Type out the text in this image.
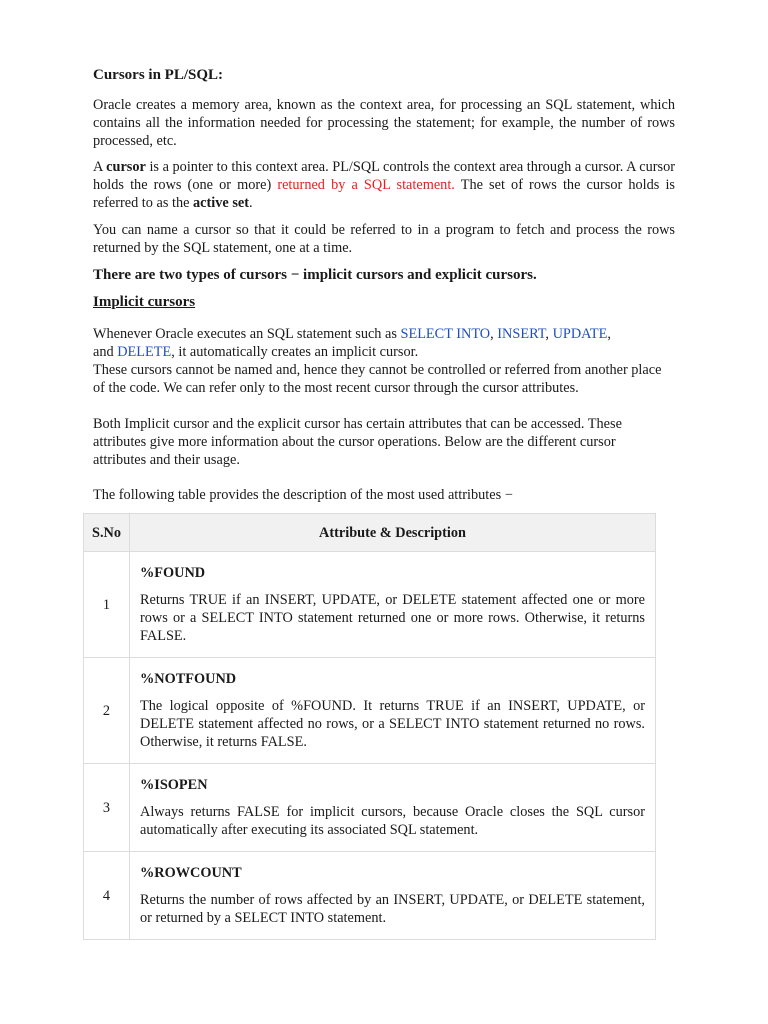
Cursors in PL/SQL:

Oracle creates a memory area, known as the context area, for processing an SQL statement, which contains all the information needed for processing the statement; for example, the number of rows processed, etc.

A cursor is a pointer to this context area. PL/SQL controls the context area through a cursor. A cursor holds the rows (one or more) returned by a SQL statement. The set of rows the cursor holds is referred to as the active set.

You can name a cursor so that it could be referred to in a program to fetch and process the rows returned by the SQL statement, one at a time.

There are two types of cursors − implicit cursors and explicit cursors.

Implicit cursors

Whenever Oracle executes an SQL statement such as SELECT INTO, INSERT, UPDATE,
and DELETE, it automatically creates an implicit cursor.
These cursors cannot be named and, hence they cannot be controlled or referred from another place of the code. We can refer only to the most recent cursor through the cursor attributes.

Both Implicit cursor and the explicit cursor has certain attributes that can be accessed. These attributes give more information about the cursor operations. Below are the different cursor attributes and their usage.

The following table provides the description of the most used attributes −

S.No	Attribute & Description
1	%FOUND

Returns TRUE if an INSERT, UPDATE, or DELETE statement affected one or more rows or a SELECT INTO statement returned one or more rows. Otherwise, it returns FALSE.

2	%NOTFOUND

The logical opposite of %FOUND. It returns TRUE if an INSERT, UPDATE, or DELETE statement affected no rows, or a SELECT INTO statement returned no rows. Otherwise, it returns FALSE.

3	%ISOPEN

Always returns FALSE for implicit cursors, because Oracle closes the SQL cursor automatically after executing its associated SQL statement.

4	%ROWCOUNT

Returns the number of rows affected by an INSERT, UPDATE, or DELETE statement, or returned by a SELECT INTO statement.
